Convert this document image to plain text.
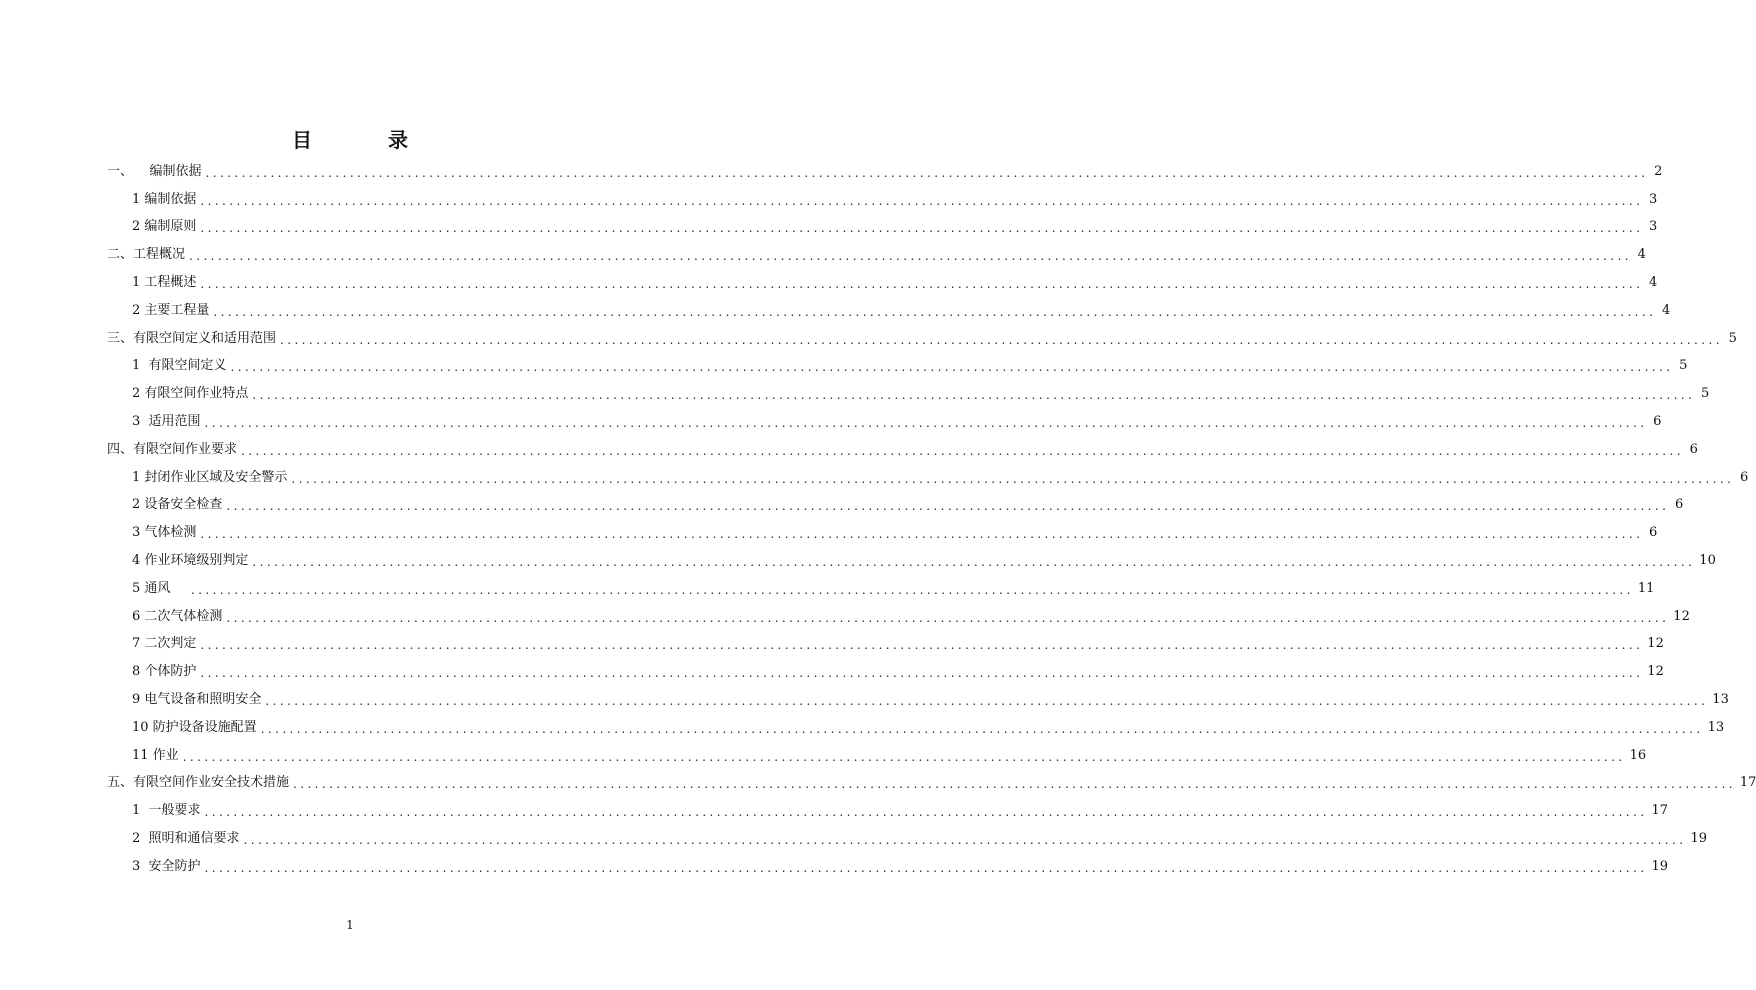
目　录
一、    编制依据 ........................................................................................................................................................................................................ 2
1 编制依据 ........................................................................................................................................................................................................ 3
2 编制原则 ........................................................................................................................................................................................................ 3
二、工程概况 ........................................................................................................................................................................................................ 4
1 工程概述 ........................................................................................................................................................................................................ 4
2 主要工程量 ........................................................................................................................................................................................................ 4
三、有限空间定义和适用范围 ........................................................................................................................................................................................................ 5
1  有限空间定义 ........................................................................................................................................................................................................ 5
2 有限空间作业特点 ........................................................................................................................................................................................................ 5
3  适用范围 ........................................................................................................................................................................................................ 6
四、有限空间作业要求 ........................................................................................................................................................................................................ 6
1 封闭作业区域及安全警示 ........................................................................................................................................................................................................ 6
2 设备安全检查 ........................................................................................................................................................................................................ 6
3 气体检测 ........................................................................................................................................................................................................ 6
4 作业环境级别判定 ........................................................................................................................................................................................................ 10
5 通风 ........................................................................................................................................................................................................ 11
6 二次气体检测 ........................................................................................................................................................................................................ 12
7 二次判定 ........................................................................................................................................................................................................ 12
8 个体防护 ........................................................................................................................................................................................................ 12
9 电气设备和照明安全 ........................................................................................................................................................................................................ 13
10 防护设备设施配置 ........................................................................................................................................................................................................ 13
11 作业 ........................................................................................................................................................................................................ 16
五、有限空间作业安全技术措施 ........................................................................................................................................................................................................ 17
1  一般要求 ........................................................................................................................................................................................................ 17
2  照明和通信要求 ........................................................................................................................................................................................................ 19
3  安全防护 ........................................................................................................................................................................................................ 19
1
